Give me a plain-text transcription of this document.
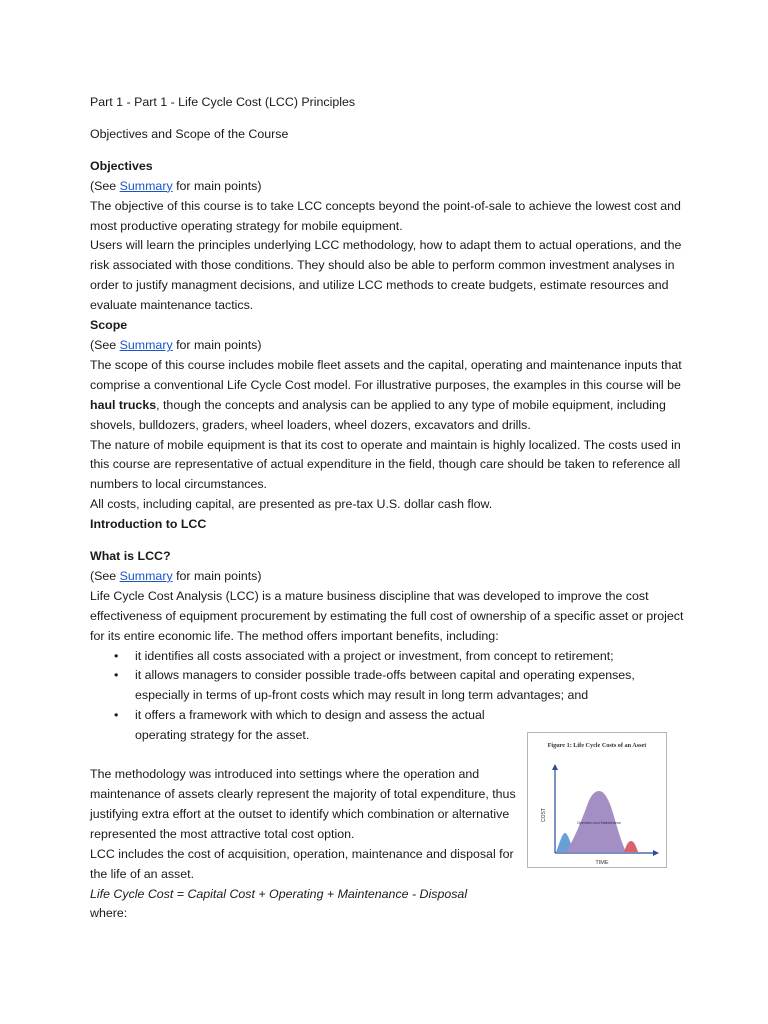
Part 1 - Part 1 - Life Cycle Cost (LCC) Principles

Objectives and Scope of the Course

Objectives

(See Summary for main points)

The objective of this course is to take LCC concepts beyond the point-of-sale to achieve the lowest cost and most productive operating strategy for mobile equipment.

Users will learn the principles underlying LCC methodology, how to adapt them to actual operations, and the risk associated with those conditions. They should also be able to perform common investment analyses in order to justify managment decisions, and utilize LCC methods to create budgets, estimate resources and evaluate maintenance tactics.

Scope

(See Summary for main points)

The scope of this course includes mobile fleet assets and the capital, operating and maintenance inputs that comprise a conventional Life Cycle Cost model. For illustrative purposes, the examples in this course will be haul trucks, though the concepts and analysis can be applied to any type of mobile equipment, including shovels, bulldozers, graders, wheel loaders, wheel dozers, excavators and drills.

The nature of mobile equipment is that its cost to operate and maintain is highly localized. The costs used in this course are representative of actual expenditure in the field, though care should be taken to reference all numbers to local circumstances.

All costs, including capital, are presented as pre-tax U.S. dollar cash flow.

Introduction to LCC

What is LCC?

(See Summary for main points)

Life Cycle Cost Analysis (LCC) is a mature business discipline that was developed to improve the cost effectiveness of equipment procurement by estimating the full cost of ownership of a specific asset or project for its entire economic life. The method offers important benefits, including:

• it identifies all costs associated with a project or investment, from concept to retirement;
• it allows managers to consider possible trade-offs between capital and operating expenses, especially in terms of up-front costs which may result in long term advantages; and
• it offers a framework with which to design and assess the actual operating strategy for the asset.

The methodology was introduced into settings where the operation and maintenance of assets clearly represent the majority of total expenditure, thus justifying extra effort at the outset to identify which combination or alternative represented the most attractive total cost option.

LCC includes the cost of acquisition, operation, maintenance and disposal for the life of an asset.

Life Cycle Cost = Capital Cost + Operating + Maintenance - Disposal

where:

Figure 1: Life Cycle Costs of an Asset
COST
TIME
Operation and Maintenance
